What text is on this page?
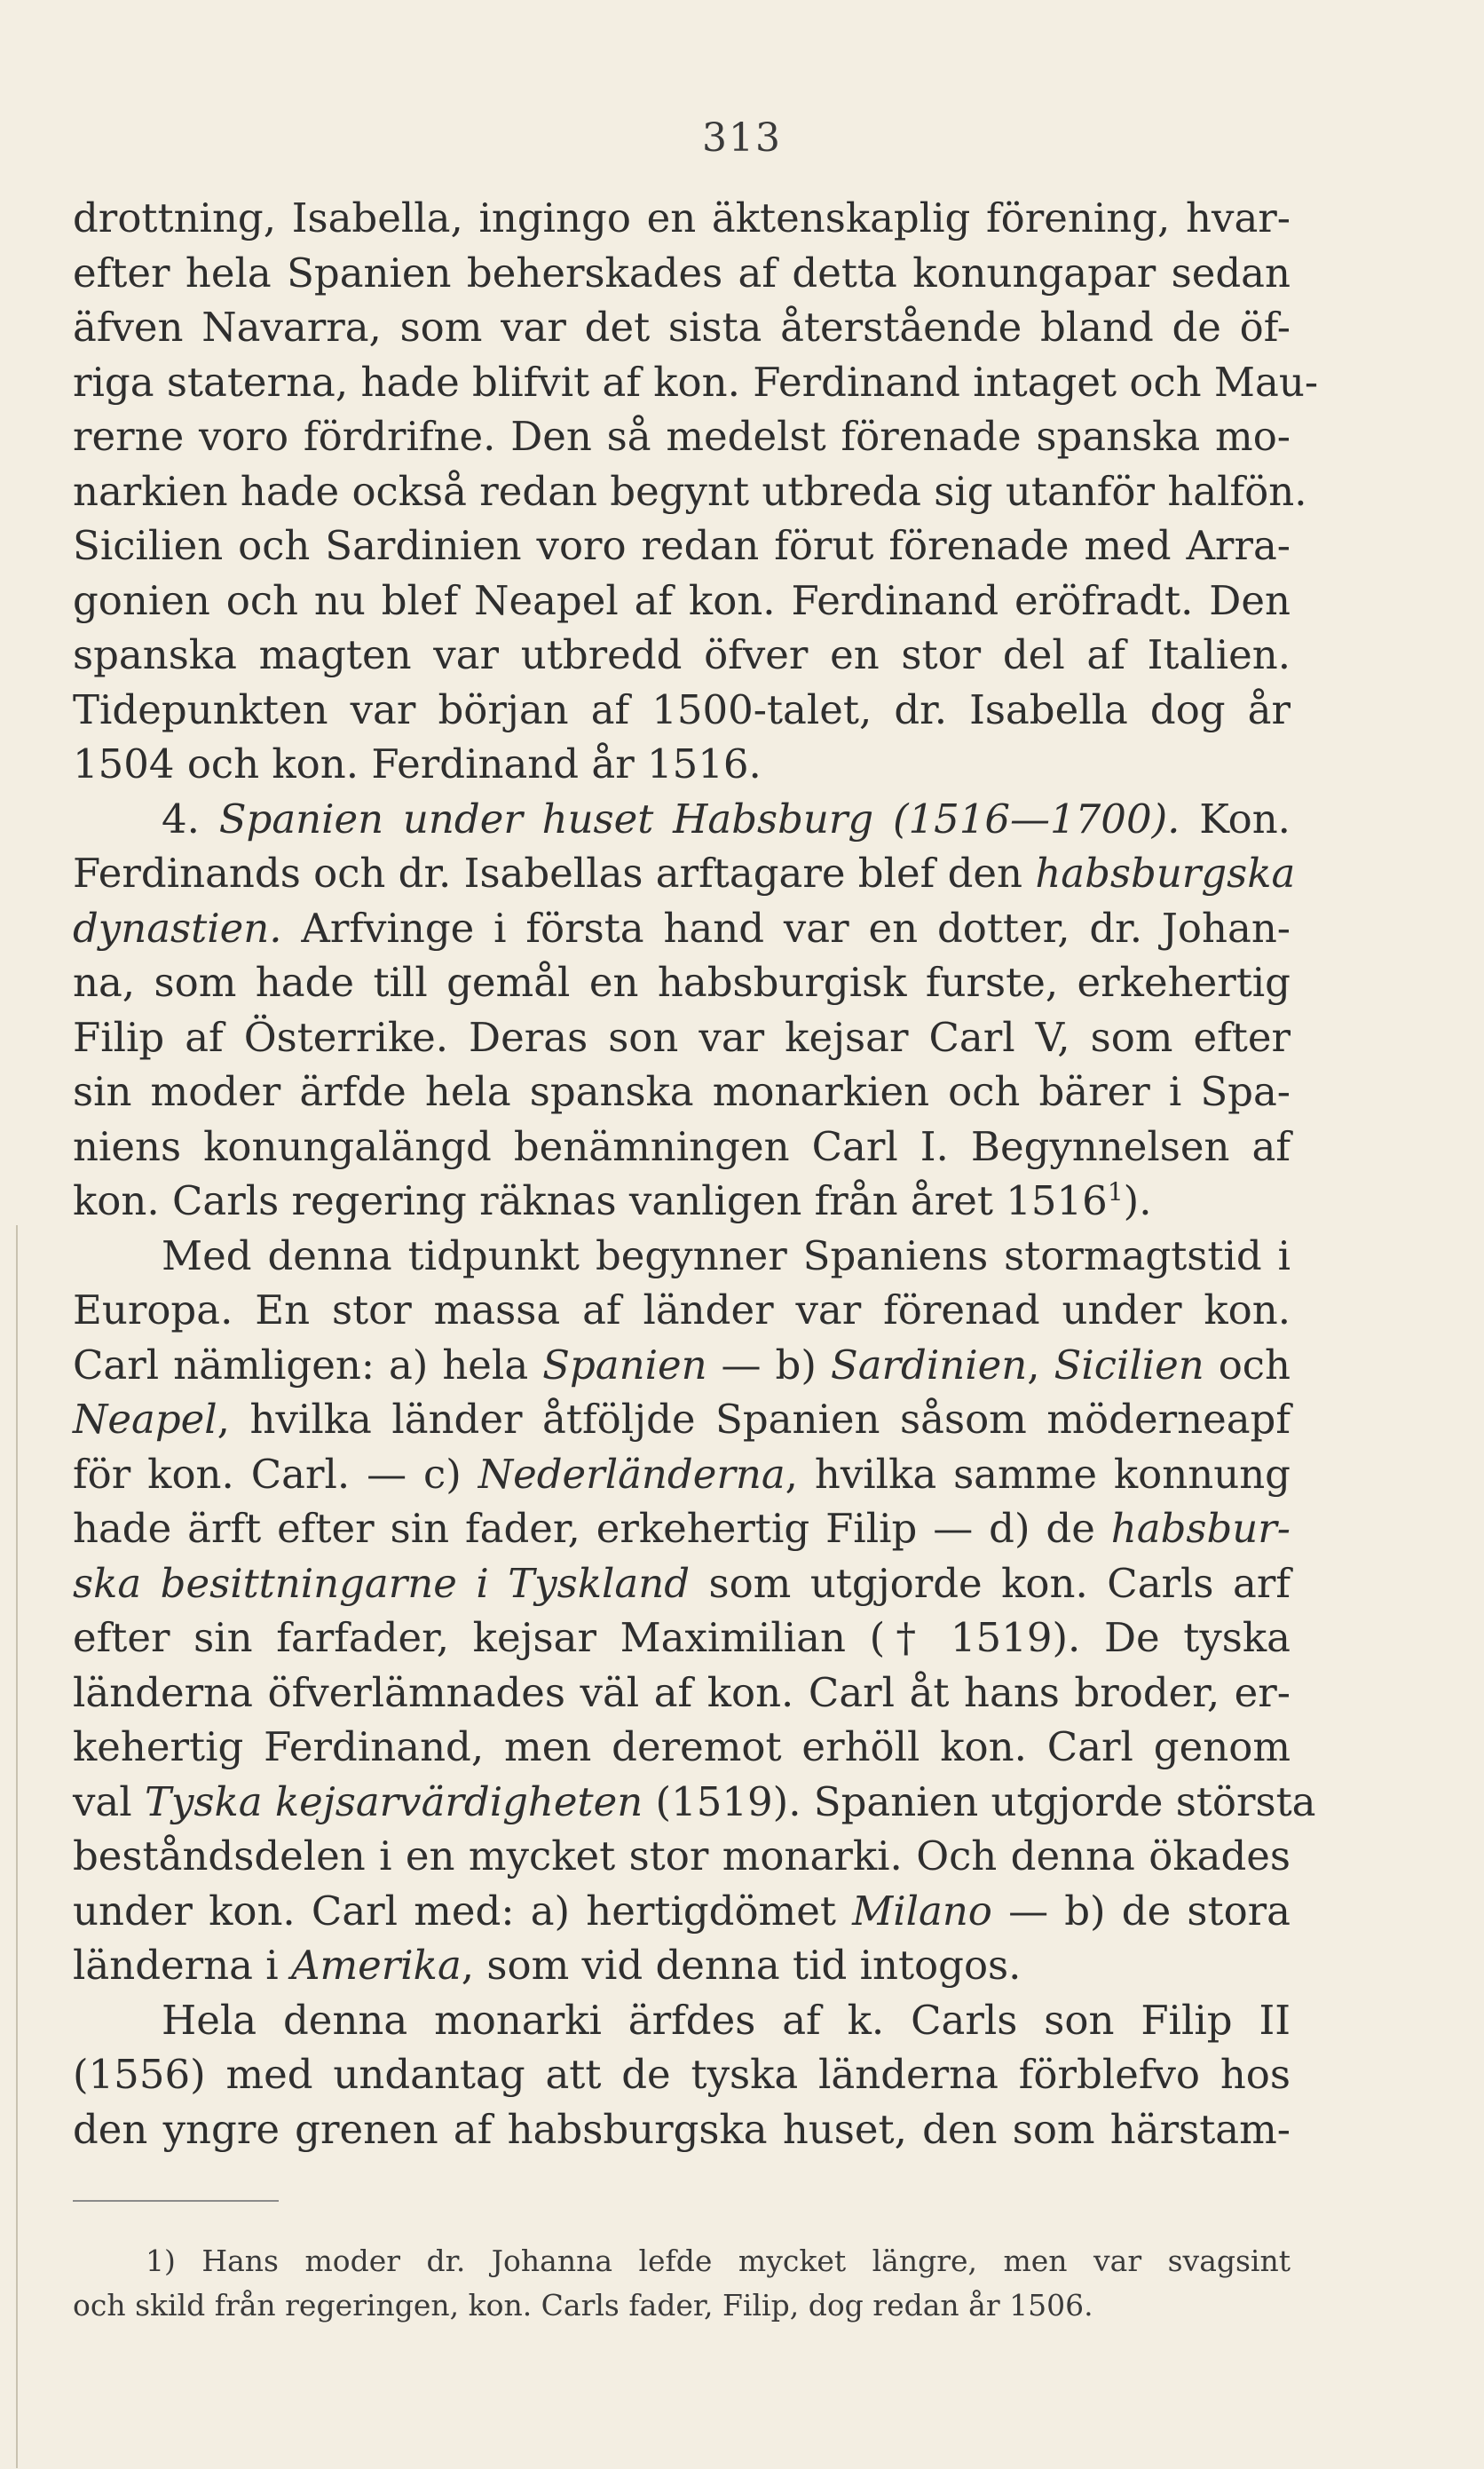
313
drottning, Isabella, ingingo en äktenskaplig förening, hvar-
efter hela Spanien beherskades af detta konungapar sedan
äfven Navarra, som var det sista återstående bland de öf-
riga staterna, hade blifvit af kon. Ferdinand intaget och Mau-
rerne voro fördrifne. Den så medelst förenade spanska mo-
narkien hade också redan begynt utbreda sig utanför halfön.
Sicilien och Sardinien voro redan förut förenade med Arra-
gonien och nu blef Neapel af kon. Ferdinand eröfradt. Den
spanska magten var utbredd öfver en stor del af Italien.
Tidepunkten var början af 1500-talet, dr. Isabella dog år
1504 och kon. Ferdinand år 1516.
4. Spanien under huset Habsburg (1516—1700). Kon.
Ferdinands och dr. Isabellas arftagare blef den habsburgska
dynastien. Arfvinge i första hand var en dotter, dr. Johan-
na, som hade till gemål en habsburgisk furste, erkehertig
Filip af Österrike. Deras son var kejsar Carl V, som efter
sin moder ärfde hela spanska monarkien och bärer i Spa-
niens konungalängd benämningen Carl I. Begynnelsen af
kon. Carls regering räknas vanligen från året 1516$^1$).
Med denna tidpunkt begynner Spaniens stormagtstid i
Europa. En stor massa af länder var förenad under kon.
Carl nämligen: a) hela Spanien — b) Sardinien, Sicilien och
Neapel, hvilka länder åtföljde Spanien såsom möderneарf
för kon. Carl. — c) Nederländerna, hvilka samme konnung
hade ärft efter sin fader, erkehertig Filip — d) de habsbur-
ska besittningarne i Tyskland som utgjorde kon. Carls arf
efter sin farfader, kejsar Maximilian († 1519). De tyska
länderna öfverlämnades väl af kon. Carl åt hans broder, er-
kehertig Ferdinand, men deremot erhöll kon. Carl genom
val Tyska kejsarvärdigheten (1519). Spanien utgjorde största
beståndsdelen i en mycket stor monarki. Och denna ökades
under kon. Carl med: a) hertigdömet Milano — b) de stora
länderna i Amerika, som vid denna tid intogos.
Hela denna monarki ärfdes af k. Carls son Filip II
(1556) med undantag att de tyska länderna förblefvo hos
den yngre grenen af habsburgska huset, den som härstam-
1) Hans moder dr. Johanna lefde mycket längre, men var svagsint
och skild från regeringen, kon. Carls fader, Filip, dog redan år 1506.
